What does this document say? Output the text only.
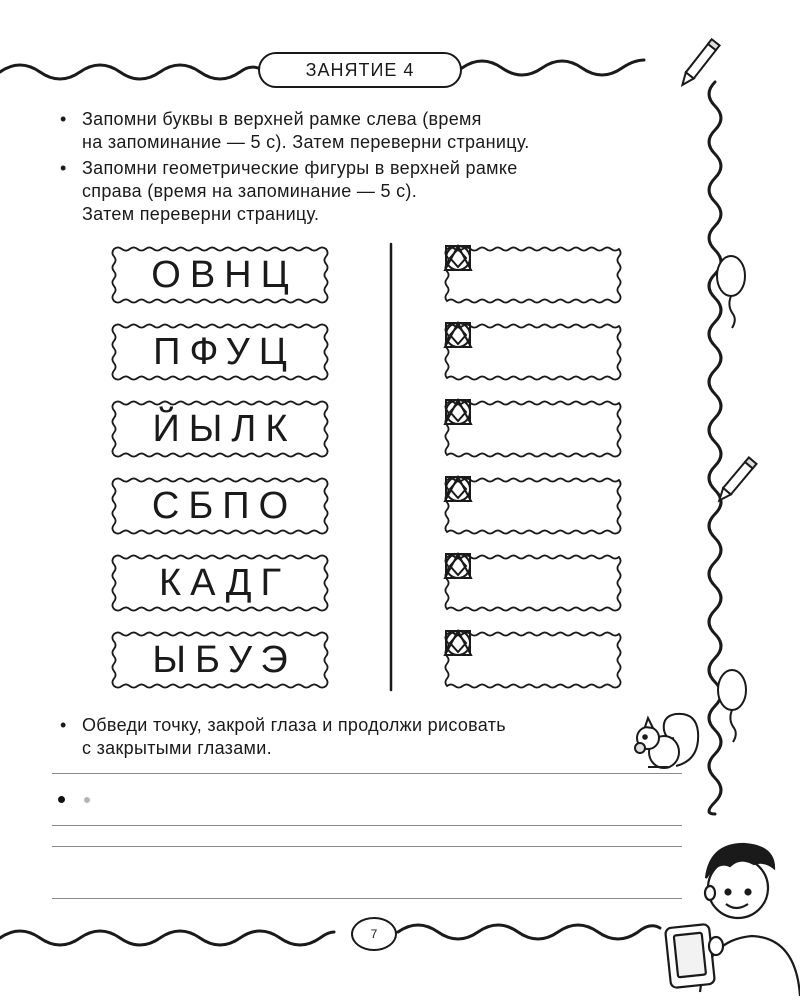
ЗАНЯТИЕ 4
• Запомни буквы в верхней рамке слева (время
на запоминание — 5 с). Затем переверни страницу.
• Запомни геометрические фигуры в верхней рамке
справа (время на запоминание — 5 с).
Затем переверни страницу.
ОВНЦ
ПФУЦ
ЙЫЛК
СБПО
КАДГ
ЫБУЭ
• Обведи точку, закрой глаза и продолжи рисовать
с закрытыми глазами.
7
